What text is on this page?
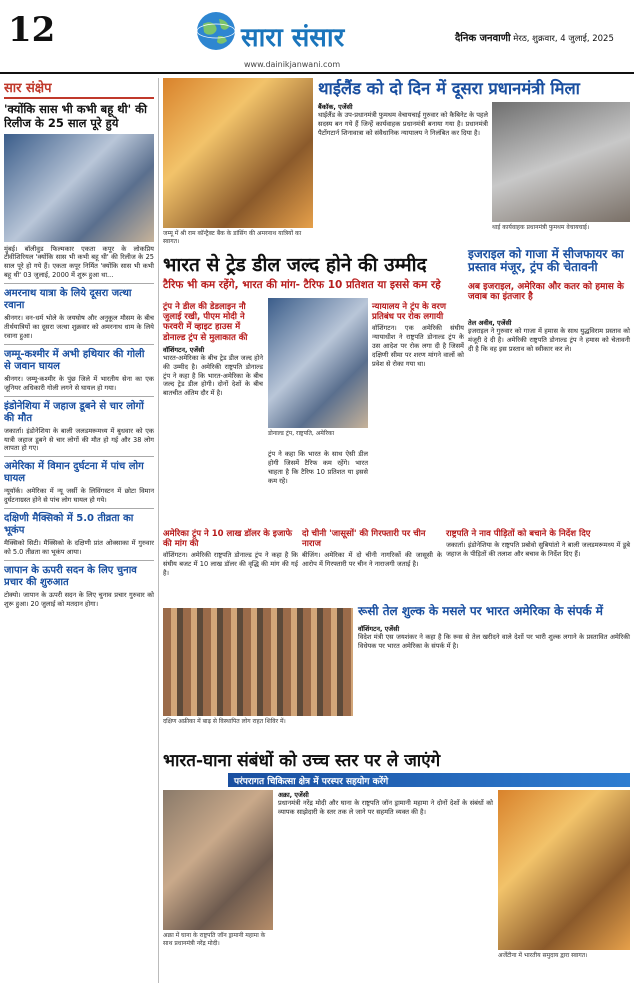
12	सारा संसार
www.dainikjanwani.com
दैनिक जनवाणी मेरठ, शुक्रवार, 4 जुलाई, 2025
सार संक्षेप
'क्योंकि सास भी कभी बहू थी' की रिलीज के 25 साल पूरे हुये
मुंबई। बॉलीवुड फिल्मकार एकता कपूर के लोकप्रिय टीवीशिरियल 'क्योंकि सास भी कभी बहू थी' की रिलीज के 25 साल पूरे हो गये हैं। एकता कपूर निर्मित 'क्योंकि सास भी कभी बहू थी' 03 जुलाई, 2000 में शुरू हुआ था...
अमरनाथ यात्रा के लिये दूसरा जत्था रवाना
श्रीनगर। वन-धर्म भोले के जयघोष और अनुकूल मौसम के बीच तीर्थयात्रियों का दूसरा जत्था शुक्रवार को अमरनाथ धाम के लिये रवाना हुआ।
जम्मू-कश्मीर में अभी हथियार की गोली से जवान घायल
श्रीनगर। जम्मू-कश्मीर के पुंछ जिले में भारतीय सेना का एक जूनियर अधिकारी गोली लगने से घायल हो गया।
इंडोनेशिया में जहाज डूबने से चार लोगों की मौत
जकार्ता। इंडोनेशिया के बाली जलडमरूमध्य में बुधवार को एक यात्री जहाज डूबने से चार लोगों की मौत हो गई और 38 लोग लापता हो गए।
अमेरिका में विमान दुर्घटना में पांच लोग घायल
न्यूयॉर्क। अमेरिका में न्यू जर्सी के लिविंगस्टन में छोटा विमान दुर्घटनाग्रस्त होने से पांच लोग घायल हो गये।
दक्षिणी मैक्सिको में 5.0 तीव्रता का भूकंप
मैक्सिको सिटी। मैक्सिको के दक्षिणी प्रांत ओक्साका में गुरुवार को 5.0 तीव्रता का भूकंप आया।
जापान के ऊपरी सदन के लिए चुनाव प्रचार की शुरुआत
टोक्यो। जापान के ऊपरी सदन के लिए चुनाव प्रचार गुरुवार को शुरू हुआ। 20 जुलाई को मतदान होगा।
जम्मू में श्री राम कॉन्ट्रैक्ट बैंक के डांसिंग की अमरनाथ यात्रियों का स्वागत।
थाईलैंड को दो दिन में दूसरा प्रधानमंत्री मिला
बैंकॉक, एजेंसी
थाईलैंड के उप-प्रधानमंत्री फुमथम वेचायचाई गुरुवार को कैबिनेट के पहले सदस्य बन गये हैं जिन्हें कार्यवाहक प्रधानमंत्री बनाया गया है। प्रधानमंत्री पैटोंगटार्न शिनावात्रा को संवैधानिक न्यायालय ने निलंबित कर दिया है।
थाई कार्यवाहक प्रधानमंत्री फुमथम वेचायचाई।
भारत से ट्रेड डील जल्द होने की उम्मीद
टैरिफ भी कम रहेंगे, भारत की मांग- टैरिफ 10 प्रतिशत या इससे कम रहे
ट्रंप ने डील की डेडलाइन नौ जुलाई रखी, पीएम मोदी ने फरवरी में व्हाइट हाउस में डोनाल्ड ट्रंप से मुलाकात की
वॉशिंगटन, एजेंसी
भारत-अमेरिका के बीच ट्रेड डील जल्द होने की उम्मीद है। अमेरिकी राष्ट्रपति डोनाल्ड ट्रंप ने कहा है कि भारत-अमेरिका के बीच जल्द ट्रेड डील होगी। दोनों देशों के बीच बातचीत अंतिम दौर में है।
डोनाल्ड ट्रंप, राष्ट्रपति, अमेरिका
ट्रंप ने कहा कि भारत के साथ ऐसी डील होगी जिसमें टैरिफ कम रहेंगे। भारत चाहता है कि टैरिफ 10 प्रतिशत या इससे कम रहे।
न्यायालय ने ट्रंप के वरण प्रतिबंध पर रोक लगायी
वॉशिंगटन। एक अमेरिकी संघीय न्यायाधीश ने राष्ट्रपति डोनाल्ड ट्रंप के उस आदेश पर रोक लगा दी है जिसमें दक्षिणी सीमा पर शरण मांगने वालों को प्रवेश से रोका गया था।
इजराइल को गाजा में सीजफायर का प्रस्ताव मंजूर, ट्रंप की चेतावनी
अब इजराइल, अमेरिका और कतर को हमास के जवाब का इंतजार है
तेल अवीव, एजेंसी
इजराइल ने गुरुवार को गाजा में हमास के साथ युद्धविराम प्रस्ताव को मंजूरी दे दी है। अमेरिकी राष्ट्रपति डोनाल्ड ट्रंप ने हमास को चेतावनी दी है कि वह इस प्रस्ताव को स्वीकार कर ले।
अमेरिका ट्रंप ने 10 लाख डॉलर के इजाफे की मांग की
वॉशिंगटन। अमेरिकी राष्ट्रपति डोनाल्ड ट्रंप ने कहा है कि संघीय बजट में 10 लाख डॉलर की वृद्धि की मांग की गई है।
दो चीनी 'जासूसों' की गिरफ्तारी पर चीन नाराज
बीजिंग। अमेरिका में दो चीनी नागरिकों की जासूसी के आरोप में गिरफ्तारी पर चीन ने नाराजगी जताई है।
राष्ट्रपति ने नाव पीड़ितों को बचाने के निर्देश दिए
जकार्ता। इंडोनेशिया के राष्ट्रपति प्रबोवो सुबियांतो ने बाली जलडमरूमध्य में डूबे जहाज के पीड़ितों की तलाश और बचाव के निर्देश दिए हैं।
दक्षिण अफ्रीका में बाढ़ से विस्थापित लोग राहत शिविर में।
रूसी तेल शुल्क के मसले पर भारत अमेरिका के संपर्क में
वॉशिंगटन, एजेंसी
विदेश मंत्री एस जयशंकर ने कहा है कि रूस से तेल खरीदने वाले देशों पर भारी शुल्क लगाने के प्रस्तावित अमेरिकी विधेयक पर भारत अमेरिका के संपर्क में है।
भारत-घाना संबंधों को उच्च स्तर पर ले जाएंगे
परंपरागत चिकित्सा क्षेत्र में परस्पर सहयोग करेंगे
अक्रा में घाना के राष्ट्रपति जॉन ड्रामानी महामा के साथ प्रधानमंत्री नरेंद्र मोदी।
अक्रा, एजेंसी
प्रधानमंत्री नरेंद्र मोदी और घाना के राष्ट्रपति जॉन ड्रामानी महामा ने दोनों देशों के संबंधों को व्यापक साझेदारी के स्तर तक ले जाने पर सहमति व्यक्त की है।
अर्जेंटीना में भारतीय समुदाय द्वारा स्वागत।
